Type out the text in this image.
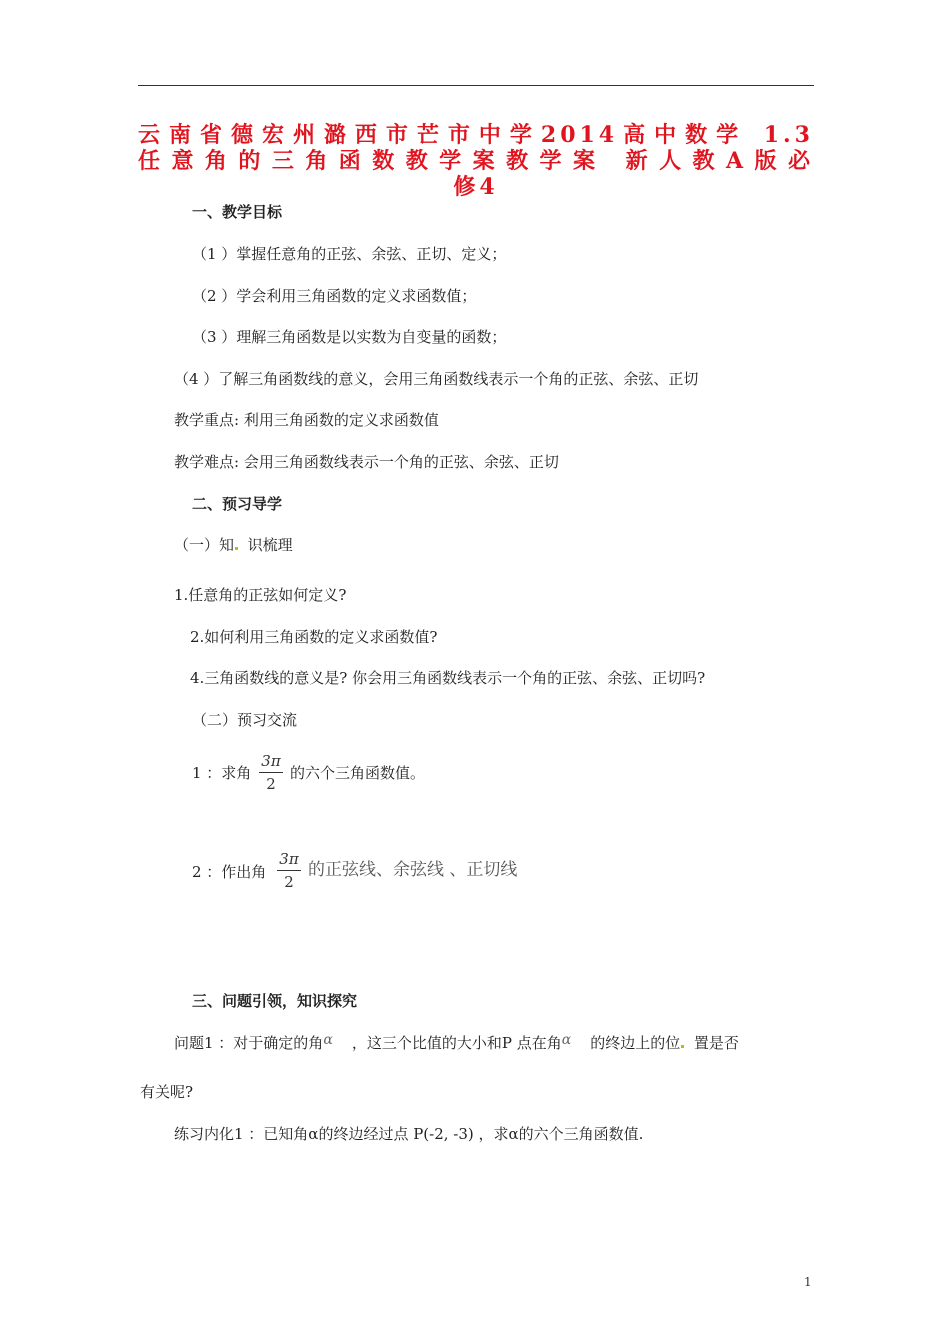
云南省德宏州潞西市芒市中学2014高中数学 1.3
任意角的三角函数教学案教学案 新人教A版必
修4
一、教学目标
（1 ）掌握任意角的正弦、余弦、正切、定义；
（2 ）学会利用三角函数的定义求函数值；
（3 ）理解三角函数是以实数为自变量的函数；
（4 ）了解三角函数线的意义，会用三角函数线表示一个角的正弦、余弦、正切
教学重点: 利用三角函数的定义求函数值
教学难点: 会用三角函数线表示一个角的正弦、余弦、正切
二、预习导学
（一）知 识梳理
1.任意角的正弦如何定义?
2.如何利用三角函数的定义求函数值?
4.三角函数线的意义是? 你会用三角函数线表示一个角的正弦、余弦、正切吗?
（二）预习交流
1 ：求角
3π
2
的六个三角函数值。
2 ：作出角
3π
2
的正弦线、余弦线 、正切线
三、问题引领，知识探究
问题1 ：对于确定的角α ，这三个比值的大小和P 点在角α 的终边上的位 置是否
有关呢?
练习内化1 ：已知角α的终边经过点 P(-2, -3) ，求α的六个三角函数值.
1
